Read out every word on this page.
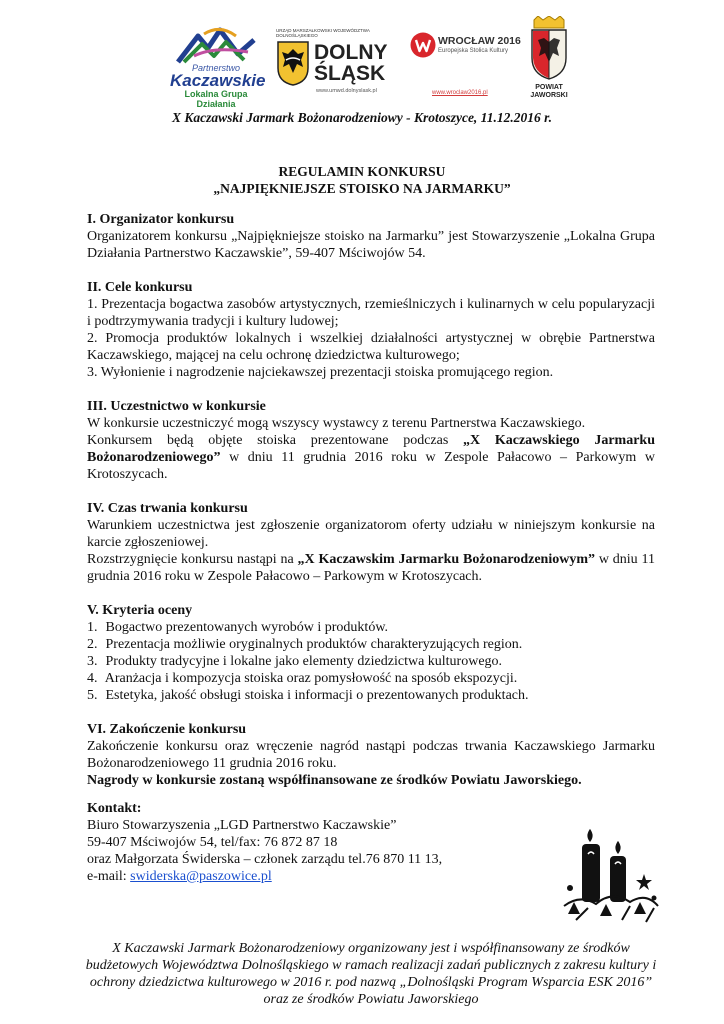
Partnerstwo
Kaczawskie
Lokalna Grupa Działania
URZĄD MARSZAŁKOWSKI WOJEWÓDZTWA DOLNOŚLĄSKIEGO
DOLNY
ŚLĄSK
www.umwd.dolnyslask.pl
WROCŁAW 2016
Europejska Stolica Kultury
www.wroclaw2016.pl
POWIAT
JAWORSKI
X Kaczawski Jarmark Bożonarodzeniowy - Krotoszyce, 11.12.2016 r.
REGULAMIN KONKURSU
„NAJPIĘKNIEJSZE STOISKO NA JARMARKU”
I. Organizator konkursu

Organizatorem konkursu „Najpiękniejsze stoisko na Jarmarku” jest Stowarzyszenie „Lokalna Grupa Działania Partnerstwo Kaczawskie”, 59-407 Mściwojów 54.

II. Cele konkursu

1. Prezentacja bogactwa zasobów artystycznych, rzemieślniczych i kulinarnych w celu popularyzacji i podtrzymywania tradycji i kultury ludowej;

2. Promocja produktów lokalnych i wszelkiej działalności artystycznej w obrębie Partnerstwa Kaczawskiego, mającej na celu ochronę dziedzictwa kulturowego;

3. Wyłonienie i nagrodzenie najciekawszej prezentacji stoiska promującego region.

III. Uczestnictwo w konkursie

W konkursie uczestniczyć mogą wszyscy wystawcy z terenu Partnerstwa Kaczawskiego.

Konkursem będą objęte stoiska prezentowane podczas „X Kaczawskiego Jarmarku Bożonarodzeniowego” w dniu 11 grudnia 2016 roku w Zespole Pałacowo – Parkowym w Krotoszycach.

IV. Czas trwania konkursu

Warunkiem uczestnictwa jest zgłoszenie organizatorom oferty udziału w niniejszym konkursie na karcie zgłoszeniowej.

Rozstrzygnięcie konkursu nastąpi na „X Kaczawskim Jarmarku Bożonarodzeniowym” w dniu 11 grudnia 2016 roku w Zespole Pałacowo – Parkowym w Krotoszycach.

V. Kryteria oceny

1. Bogactwo prezentowanych wyrobów i produktów.

2. Prezentacja możliwie oryginalnych produktów charakteryzujących region.

3. Produkty tradycyjne i lokalne jako elementy dziedzictwa kulturowego.

4. Aranżacja i kompozycja stoiska oraz pomysłowość na sposób ekspozycji.

5. Estetyka, jakość obsługi stoiska i informacji o prezentowanych produktach.

VI. Zakończenie konkursu

Zakończenie konkursu oraz wręczenie nagród nastąpi podczas trwania Kaczawskiego Jarmarku Bożonarodzeniowego 11 grudnia 2016 roku.

Nagrody w konkursie zostaną współfinansowane ze środków Powiatu Jaworskiego.

Kontakt:

Biuro Stowarzyszenia „LGD Partnerstwo Kaczawskie”

59-407 Mściwojów 54, tel/fax: 76 872 87 18

oraz Małgorzata Świderska – członek zarządu tel.76 870 11 13,

e-mail: swiderska@paszowice.pl

X Kaczawski Jarmark Bożonarodzeniowy organizowany jest i współfinansowany ze środków budżetowych Województwa Dolnośląskiego w ramach realizacji zadań publicznych z zakresu kultury i ochrony dziedzictwa kulturowego w 2016 r. pod nazwą „Dolnośląski Program Wsparcia ESK 2016” oraz ze środków Powiatu Jaworskiego
